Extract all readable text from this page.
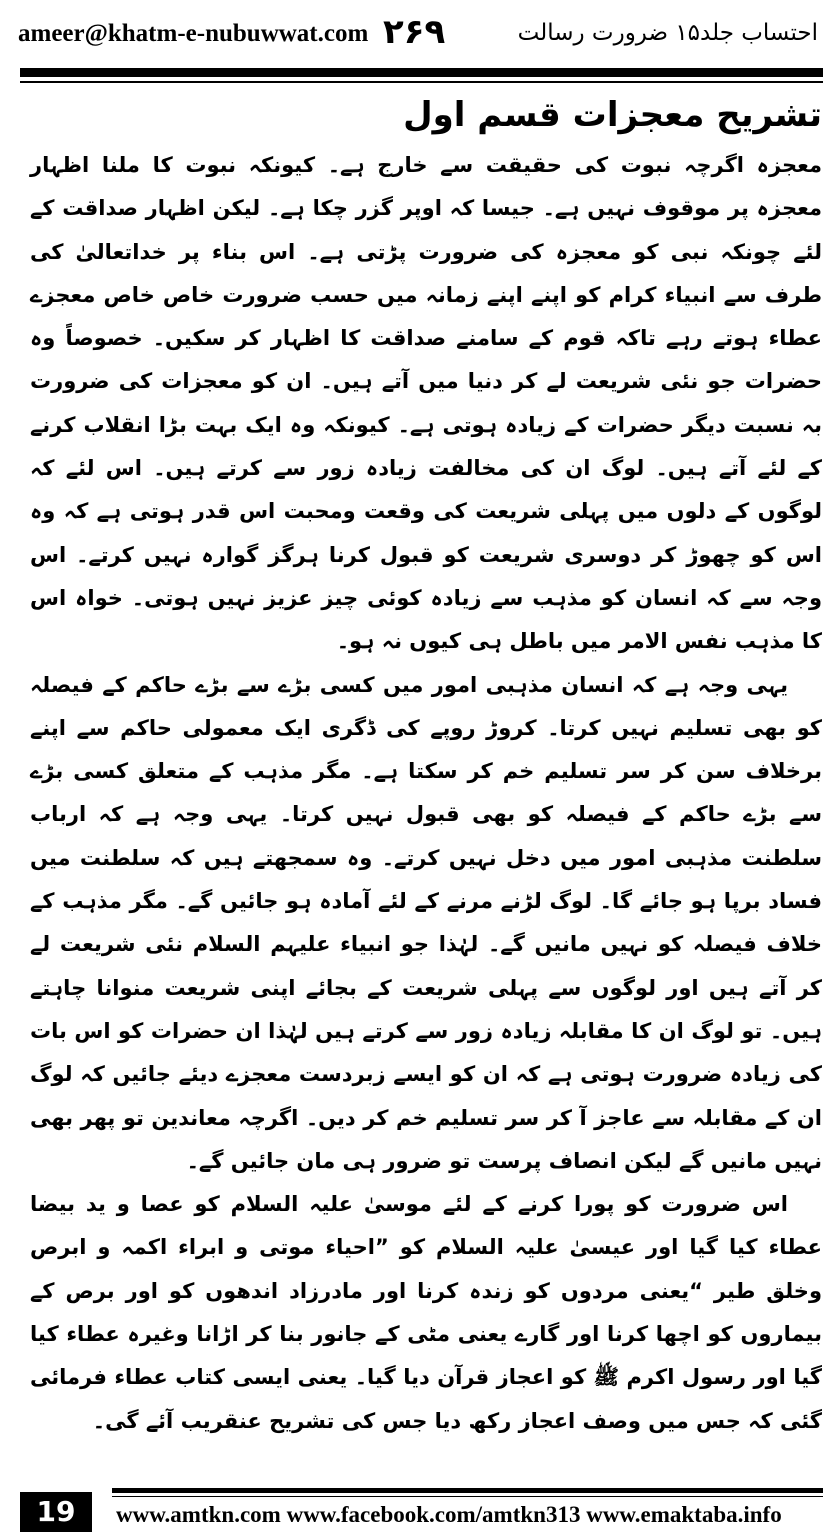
ameer@khatm-e-nubuwwat.com ۲۶۹	احتساب جلد۱۵ ضرورت رسالت
تشریح معجزات قسم اول

معجزہ اگرچہ نبوت کی حقیقت سے خارج ہے۔ کیونکہ نبوت کا ملنا اظہار معجزہ پر موقوف نہیں ہے۔ جیسا کہ اوپر گزر چکا ہے۔ لیکن اظہار صداقت کے لئے چونکہ نبی کو معجزہ کی ضرورت پڑتی ہے۔ اس بناء پر خداتعالیٰ کی طرف سے انبیاء کرام کو اپنے اپنے زمانہ میں حسب ضرورت خاص خاص معجزے عطاء ہوتے رہے تاکہ قوم کے سامنے صداقت کا اظہار کر سکیں۔ خصوصاً وہ حضرات جو نئی شریعت لے کر دنیا میں آتے ہیں۔ ان کو معجزات کی ضرورت بہ نسبت دیگر حضرات کے زیادہ ہوتی ہے۔ کیونکہ وہ ایک بہت بڑا انقلاب کرنے کے لئے آتے ہیں۔ لوگ ان کی مخالفت زیادہ زور سے کرتے ہیں۔ اس لئے کہ لوگوں کے دلوں میں پہلی شریعت کی وقعت ومحبت اس قدر ہوتی ہے کہ وہ اس کو چھوڑ کر دوسری شریعت کو قبول کرنا ہرگز گوارہ نہیں کرتے۔ اس وجہ سے کہ انسان کو مذہب سے زیادہ کوئی چیز عزیز نہیں ہوتی۔ خواہ اس کا مذہب نفس الامر میں باطل ہی کیوں نہ ہو۔

یہی وجہ ہے کہ انسان مذہبی امور میں کسی بڑے سے بڑے حاکم کے فیصلہ کو بھی تسلیم نہیں کرتا۔ کروڑ روپے کی ڈگری ایک معمولی حاکم سے اپنے برخلاف سن کر سر تسلیم خم کر سکتا ہے۔ مگر مذہب کے متعلق کسی بڑے سے بڑے حاکم کے فیصلہ کو بھی قبول نہیں کرتا۔ یہی وجہ ہے کہ ارباب سلطنت مذہبی امور میں دخل نہیں کرتے۔ وہ سمجھتے ہیں کہ سلطنت میں فساد برپا ہو جائے گا۔ لوگ لڑنے مرنے کے لئے آمادہ ہو جائیں گے۔ مگر مذہب کے خلاف فیصلہ کو نہیں مانیں گے۔ لہٰذا جو انبیاء علیہم السلام نئی شریعت لے کر آتے ہیں اور لوگوں سے پہلی شریعت کے بجائے اپنی شریعت منوانا چاہتے ہیں۔ تو لوگ ان کا مقابلہ زیادہ زور سے کرتے ہیں لہٰذا ان حضرات کو اس بات کی زیادہ ضرورت ہوتی ہے کہ ان کو ایسے زبردست معجزے دیئے جائیں کہ لوگ ان کے مقابلہ سے عاجز آ کر سر تسلیم خم کر دیں۔ اگرچہ معاندین تو پھر بھی نہیں مانیں گے لیکن انصاف پرست تو ضرور ہی مان جائیں گے۔

اس ضرورت کو پورا کرنے کے لئے موسیٰ علیہ السلام کو عصا و ید بیضا عطاء کیا گیا اور عیسیٰ علیہ السلام کو ”احیاء موتی و ابراء اکمہ و ابرص وخلق طیر “یعنی مردوں کو زندہ کرنا اور مادرزاد اندھوں کو اور برص کے بیماروں کو اچھا کرنا اور گارے یعنی مٹی کے جانور بنا کر اڑانا وغیرہ عطاء کیا گیا اور رسول اکرم ﷺ کو اعجاز قرآن دیا گیا۔ یعنی ایسی کتاب عطاء فرمائی گئی کہ جس میں وصف اعجاز رکھ دیا جس کی تشریح عنقریب آئے گی۔

19	www.amtkn.com www.facebook.com/amtkn313 www.emaktaba.info
